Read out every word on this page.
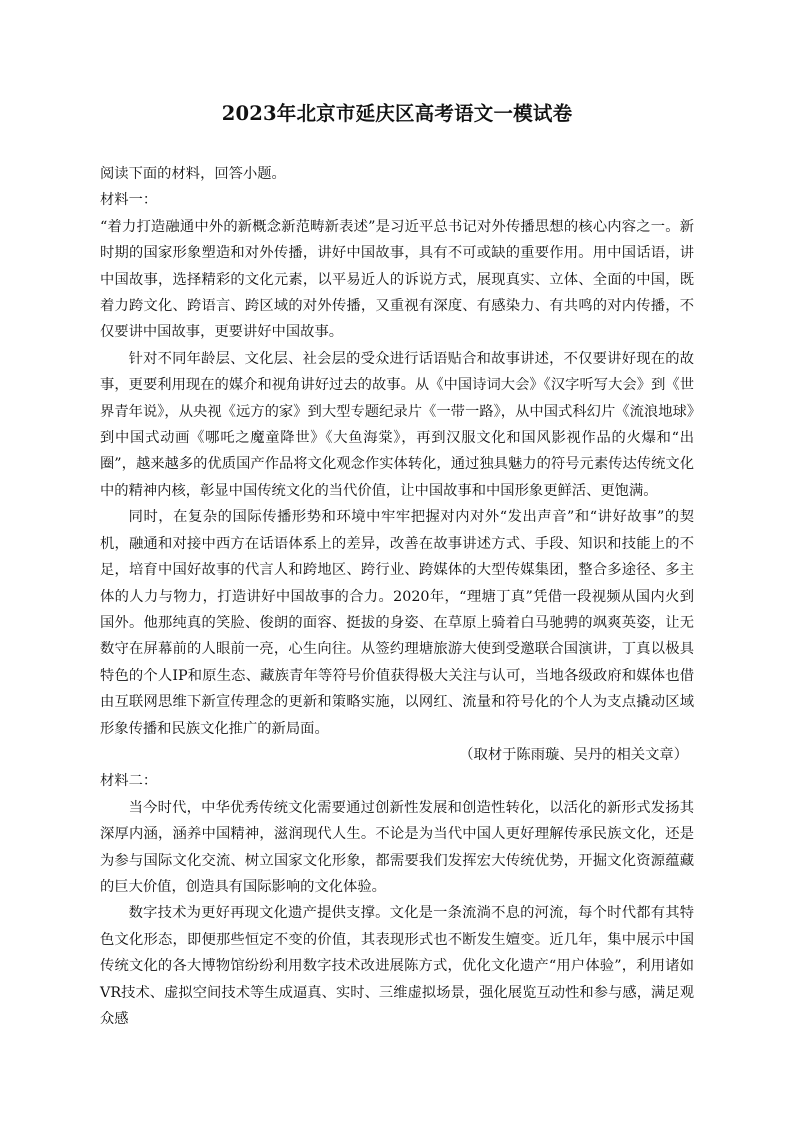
2023年北京市延庆区高考语文一模试卷

阅读下面的材料，回答小题。

材料一：

“着力打造融通中外的新概念新范畴新表述”是习近平总书记对外传播思想的核心内容之一。新时期的国家形象塑造和对外传播，讲好中国故事，具有不可或缺的重要作用。用中国话语，讲中国故事，选择精彩的文化元素，以平易近人的诉说方式，展现真实、立体、全面的中国，既着力跨文化、跨语言、跨区域的对外传播，又重视有深度、有感染力、有共鸣的对内传播，不仅要讲中国故事，更要讲好中国故事。

针对不同年龄层、文化层、社会层的受众进行话语贴合和故事讲述，不仅要讲好现在的故事，更要利用现在的媒介和视角讲好过去的故事。从《中国诗词大会》《汉字听写大会》到《世界青年说》，从央视《远方的家》到大型专题纪录片《一带一路》，从中国式科幻片《流浪地球》到中国式动画《哪吒之魔童降世》《大鱼海棠》，再到汉服文化和国风影视作品的火爆和“出圈”，越来越多的优质国产作品将文化观念作实体转化，通过独具魅力的符号元素传达传统文化中的精神内核，彰显中国传统文化的当代价值，让中国故事和中国形象更鲜活、更饱满。

同时，在复杂的国际传播形势和环境中牢牢把握对内对外“发出声音”和“讲好故事”的契机，融通和对接中西方在话语体系上的差异，改善在故事讲述方式、手段、知识和技能上的不足，培育中国好故事的代言人和跨地区、跨行业、跨媒体的大型传媒集团，整合多途径、多主体的人力与物力，打造讲好中国故事的合力。2020年，“理塘丁真”凭借一段视频从国内火到国外。他那纯真的笑脸、俊朗的面容、挺拔的身姿、在草原上骑着白马驰骋的飒爽英姿，让无数守在屏幕前的人眼前一亮，心生向往。从签约理塘旅游大使到受邀联合国演讲，丁真以极具特色的个人IP和原生态、藏族青年等符号价值获得极大关注与认可，当地各级政府和媒体也借由互联网思维下新宣传理念的更新和策略实施，以网红、流量和符号化的个人为支点撬动区域形象传播和民族文化推广的新局面。

（取材于陈雨璇、吴丹的相关文章）

材料二：

当今时代，中华优秀传统文化需要通过创新性发展和创造性转化，以活化的新形式发扬其深厚内涵，涵养中国精神，滋润现代人生。不论是为当代中国人更好理解传承民族文化，还是为参与国际文化交流、树立国家文化形象，都需要我们发挥宏大传统优势，开掘文化资源蕴藏的巨大价值，创造具有国际影响的文化体验。

数字技术为更好再现文化遗产提供支撑。文化是一条流淌不息的河流，每个时代都有其特色文化形态，即便那些恒定不变的价值，其表现形式也不断发生嬗变。近几年，集中展示中国传统文化的各大博物馆纷纷利用数字技术改进展陈方式，优化文化遗产“用户体验”，利用诸如VR技术、虚拟空间技术等生成逼真、实时、三维虚拟场景，强化展览互动性和参与感，满足观众感
